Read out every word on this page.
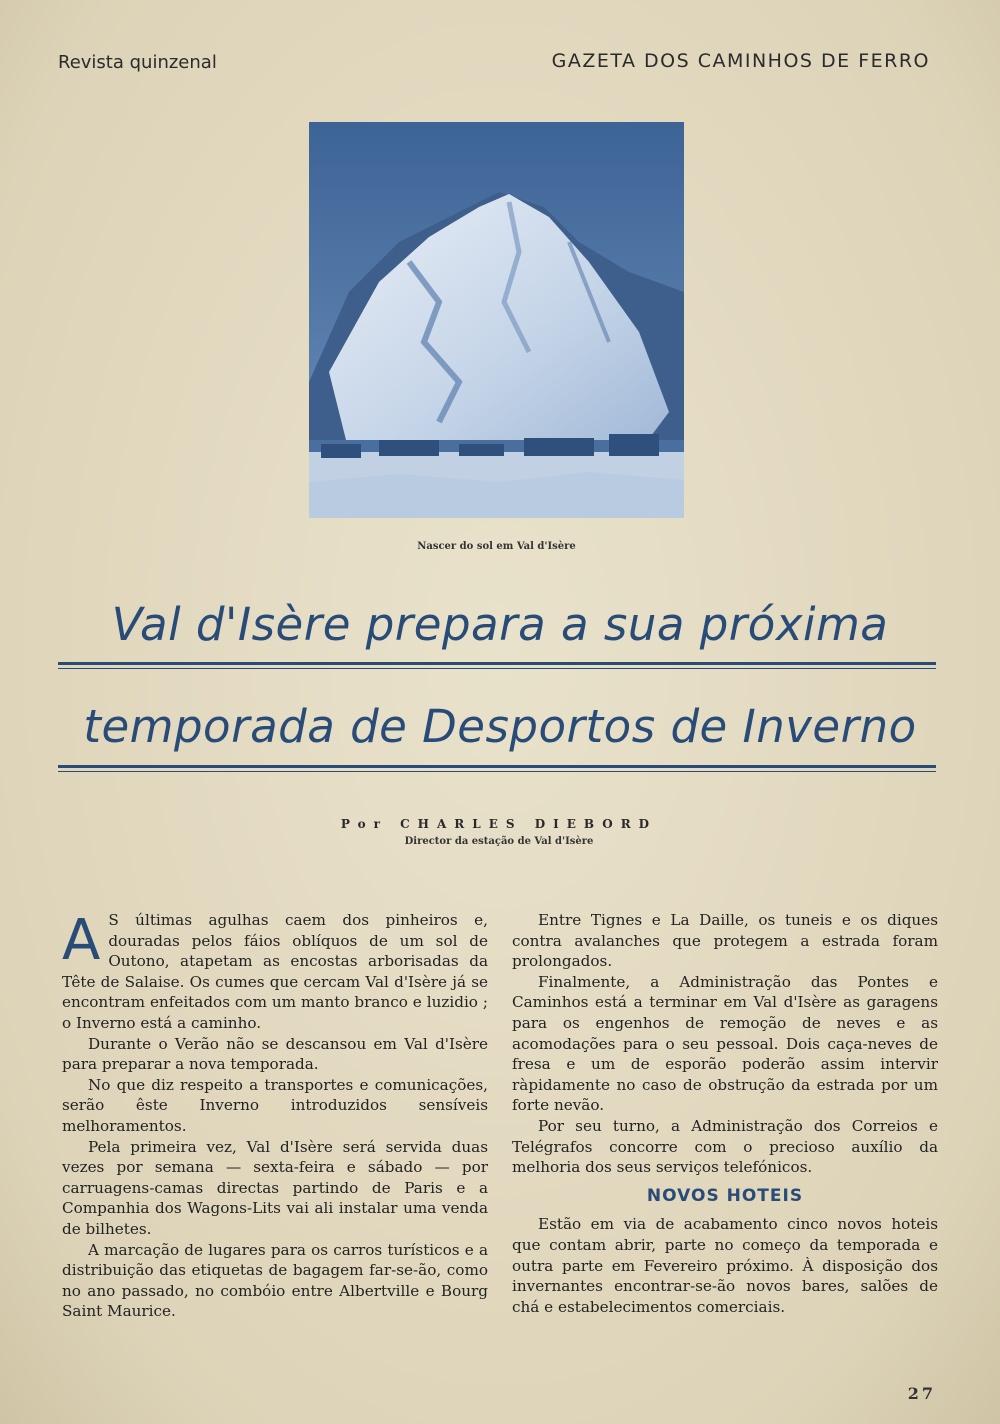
Revista quinzenal	GAZETA DOS CAMINHOS DE FERRO
Nascer do sol em Val d'Isère
Val d'Isère prepara a sua próxima
temporada de Desportos de Inverno
Por CHARLES DIEBORD
Director da estação de Val d'Isère

A S últimas agulhas caem dos pinheiros e, douradas pelos fáios oblíquos de um sol de Outono, atapetam as encostas arborisadas da Tête de Salaise. Os cumes que cercam Val d'Isère já se encontram enfeitados com um manto branco e luzidio ; o Inverno está a caminho.

Durante o Verão não se descansou em Val d'Isère para preparar a nova temporada.

No que diz respeito a transportes e comunicações, serão êste Inverno introduzidos sensíveis melhoramentos.

Pela primeira vez, Val d'Isère será servida duas vezes por semana — sexta-feira e sábado — por carruagens-camas directas partindo de Paris e a Companhia dos Wagons-Lits vai ali instalar uma venda de bilhetes.

A marcação de lugares para os carros turísticos e a distribuição das etiquetas de bagagem far-se-ão, como no ano passado, no combóio entre Albertville e Bourg Saint Maurice.

Entre Tignes e La Daille, os tuneis e os diques contra avalanches que protegem a estrada foram prolongados.

Finalmente, a Administração das Pontes e Caminhos está a terminar em Val d'Isère as garagens para os engenhos de remoção de neves e as acomodações para o seu pessoal. Dois caça-neves de fresa e um de esporão poderão assim intervir ràpidamente no caso de obstrução da estrada por um forte nevão.

Por seu turno, a Administração dos Correios e Telégrafos concorre com o precioso auxílio da melhoria dos seus serviços telefónicos.

NOVOS HOTEIS

Estão em via de acabamento cinco novos hoteis que contam abrir, parte no começo da temporada e outra parte em Fevereiro próximo. À disposição dos invernantes encontrar-se-ão novos bares, salões de chá e estabelecimentos comerciais.

27
